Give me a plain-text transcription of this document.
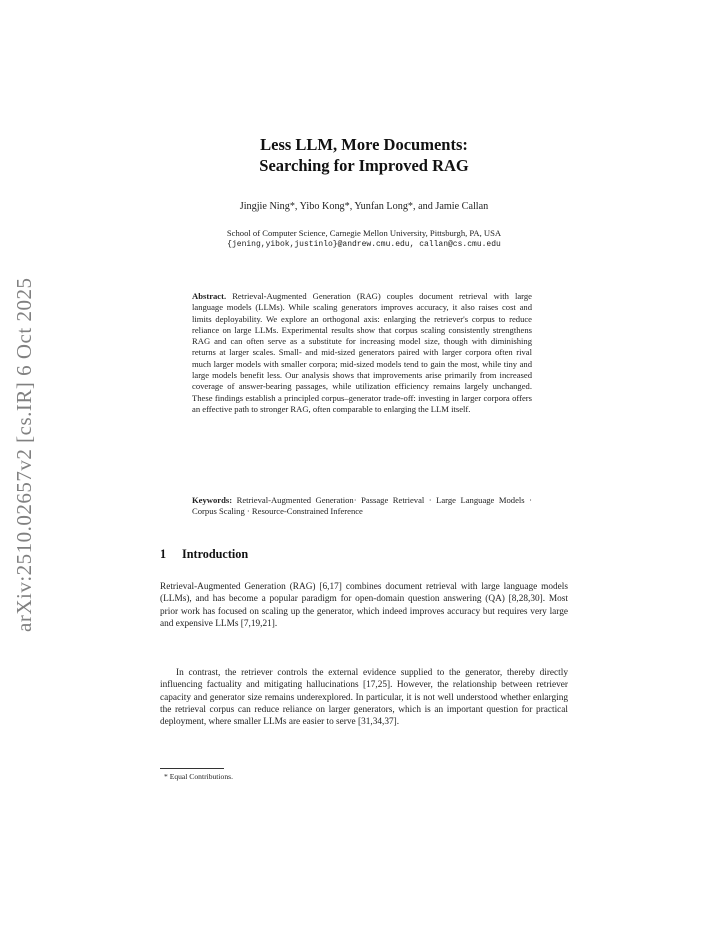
arXiv:2510.02657v2 [cs.IR] 6 Oct 2025
Less LLM, More Documents:
Searching for Improved RAG
Jingjie Ning*, Yibo Kong*, Yunfan Long*, and Jamie Callan
School of Computer Science, Carnegie Mellon University, Pittsburgh, PA, USA
{jening,yibok,justinlo}@andrew.cmu.edu, callan@cs.cmu.edu
Abstract. Retrieval-Augmented Generation (RAG) couples document retrieval with large language models (LLMs). While scaling generators improves accuracy, it also raises cost and limits deployability. We explore an orthogonal axis: enlarging the retriever's corpus to reduce reliance on large LLMs. Experimental results show that corpus scaling consistently strengthens RAG and can often serve as a substitute for increasing model size, though with diminishing returns at larger scales. Small- and mid-sized generators paired with larger corpora often rival much larger models with smaller corpora; mid-sized models tend to gain the most, while tiny and large models benefit less. Our analysis shows that improvements arise primarily from increased coverage of answer-bearing passages, while utilization efficiency remains largely unchanged. These findings establish a principled corpus–generator trade-off: investing in larger corpora offers an effective path to stronger RAG, often comparable to enlarging the LLM itself.
Keywords: Retrieval-Augmented Generation· Passage Retrieval · Large Language Models · Corpus Scaling · Resource-Constrained Inference
1 Introduction
Retrieval-Augmented Generation (RAG) [6,17] combines document retrieval with large language models (LLMs), and has become a popular paradigm for open-domain question answering (QA) [8,28,30]. Most prior work has focused on scaling up the generator, which indeed improves accuracy but requires very large and expensive LLMs [7,19,21].
In contrast, the retriever controls the external evidence supplied to the generator, thereby directly influencing factuality and mitigating hallucinations [17,25]. However, the relationship between retriever capacity and generator size remains underexplored. In particular, it is not well understood whether enlarging the retrieval corpus can reduce reliance on larger generators, which is an important question for practical deployment, where smaller LLMs are easier to serve [31,34,37].
* Equal Contributions.
